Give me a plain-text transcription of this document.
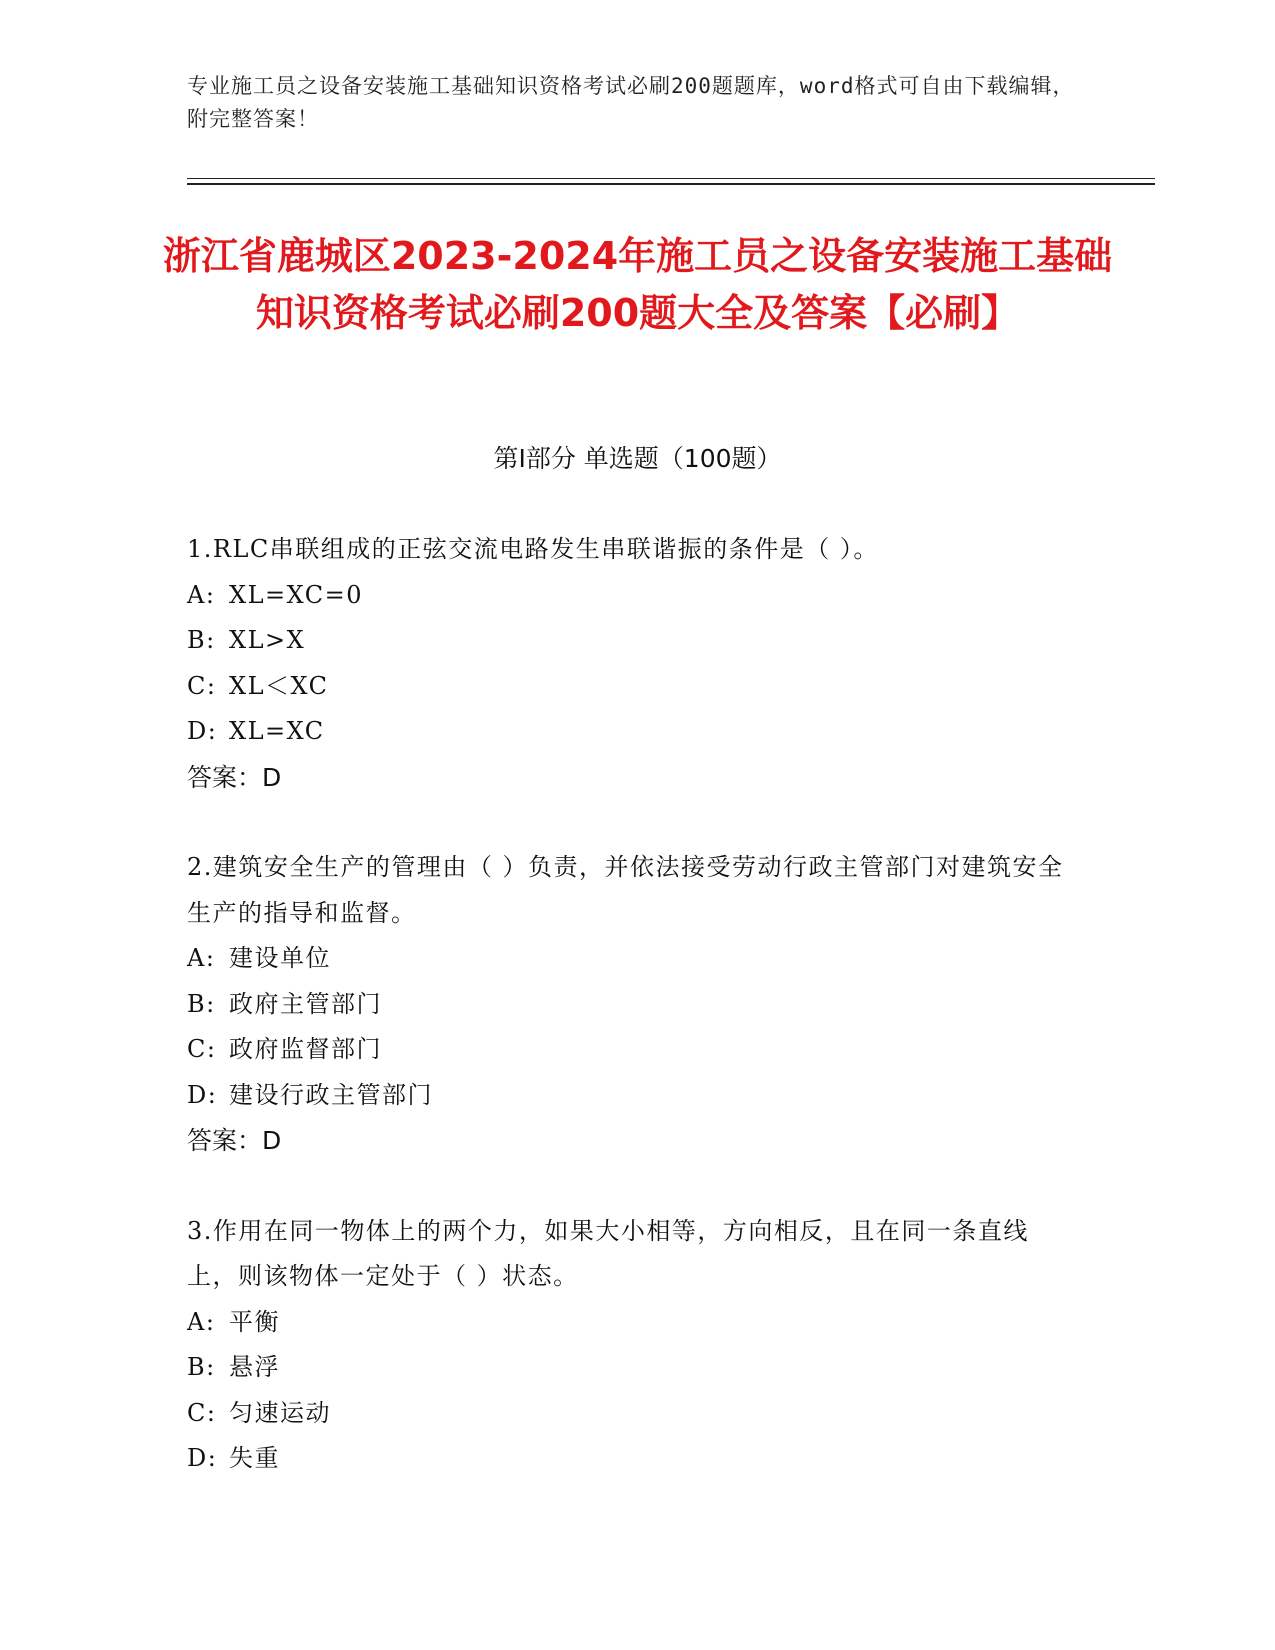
专业施工员之设备安装施工基础知识资格考试必刷200题题库，word格式可自由下载编辑，附完整答案！
浙江省鹿城区2023-2024年施工员之设备安装施工基础知识资格考试必刷200题大全及答案【必刷】
第Ⅰ部分 单选题（100题）
1.RLC串联组成的正弦交流电路发生串联谐振的条件是（ ）。
A: XL=XC=0
B: XL>X
C: XL＜XC
D: XL=XC
答案：D
2.建筑安全生产的管理由（ ）负责，并依法接受劳动行政主管部门对建筑安全生产的指导和监督。
A: 建设单位
B: 政府主管部门
C: 政府监督部门
D: 建设行政主管部门
答案：D
3.作用在同一物体上的两个力，如果大小相等，方向相反，且在同一条直线上，则该物体一定处于（ ）状态。
A: 平衡
B: 悬浮
C: 匀速运动
D: 失重
